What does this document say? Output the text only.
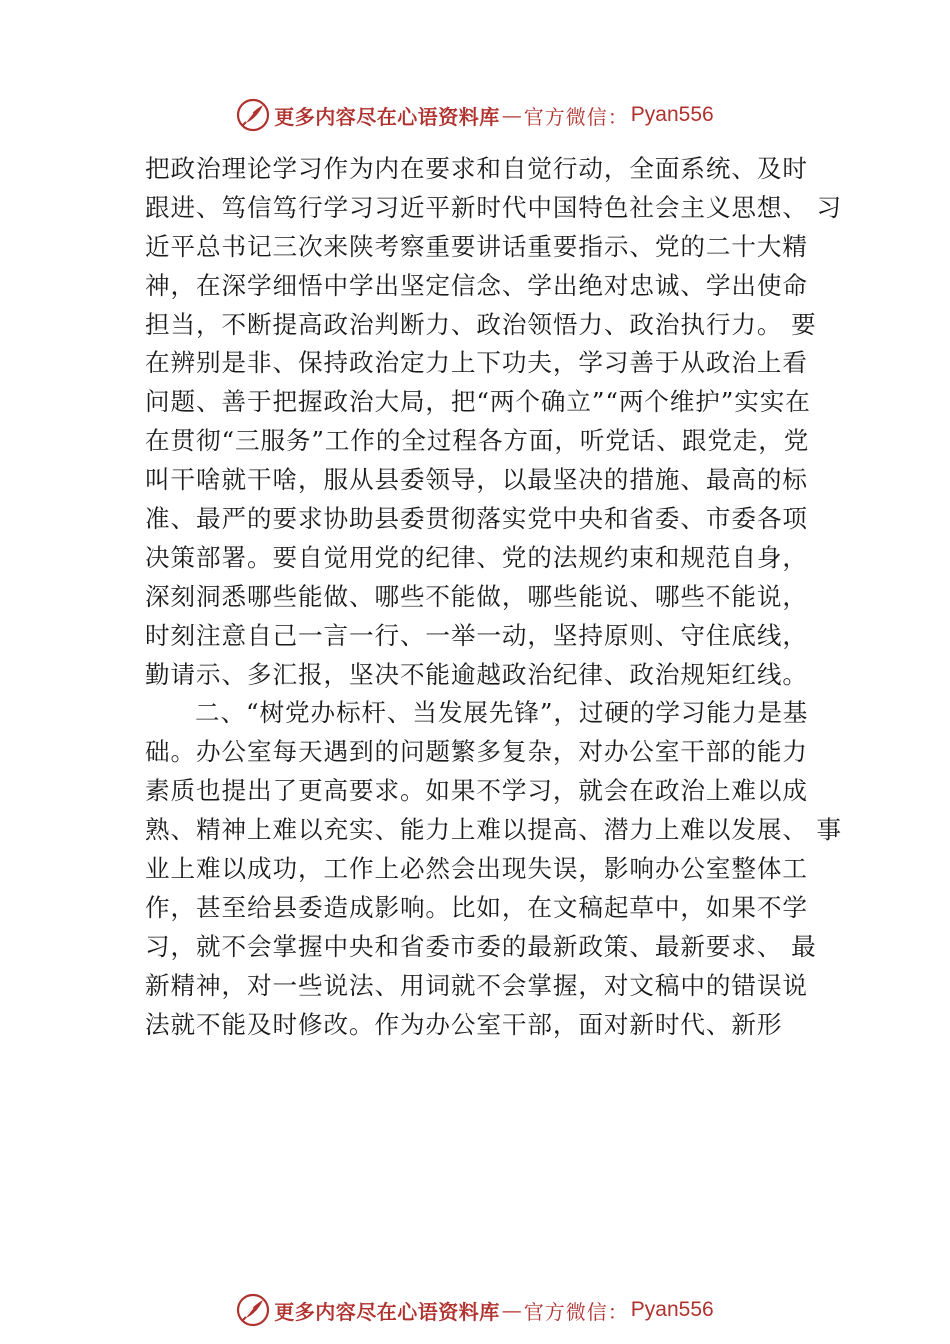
更多内容尽在心语资料库 — 官方微信： Pyan556
把政治理论学习作为内在要求和自觉行动，全面系统、及时
跟进、笃信笃行学习习近平新时代中国特色社会主义思想、 习
近平总书记三次来陕考察重要讲话重要指示、党的二十大精
神，在深学细悟中学出坚定信念、学出绝对忠诚、学出使命
担当，不断提高政治判断力、政治领悟力、政治执行力。 要
在辨别是非、保持政治定力上下功夫，学习善于从政治上看
问题、善于把握政治大局，把“两个确立”“两个维护”实实在
在贯彻“三服务”工作的全过程各方面，听党话、跟党走，党
叫干啥就干啥，服从县委领导，以最坚决的措施、最高的标
准、最严的要求协助县委贯彻落实党中央和省委、市委各项
决策部署。要自觉用党的纪律、党的法规约束和规范自身，
深刻洞悉哪些能做、哪些不能做，哪些能说、哪些不能说，
时刻注意自己一言一行、一举一动，坚持原则、守住底线，
勤请示、多汇报，坚决不能逾越政治纪律、政治规矩红线。
二、“树党办标杆、当发展先锋”，过硬的学习能力是基
础。办公室每天遇到的问题繁多复杂，对办公室干部的能力
素质也提出了更高要求。如果不学习，就会在政治上难以成
熟、精神上难以充实、能力上难以提高、潜力上难以发展、 事
业上难以成功，工作上必然会出现失误，影响办公室整体工
作，甚至给县委造成影响。比如，在文稿起草中，如果不学
习，就不会掌握中央和省委市委的最新政策、最新要求、 最
新精神，对一些说法、用词就不会掌握，对文稿中的错误说
法就不能及时修改。作为办公室干部，面对新时代、新形
更多内容尽在心语资料库 — 官方微信： Pyan556
